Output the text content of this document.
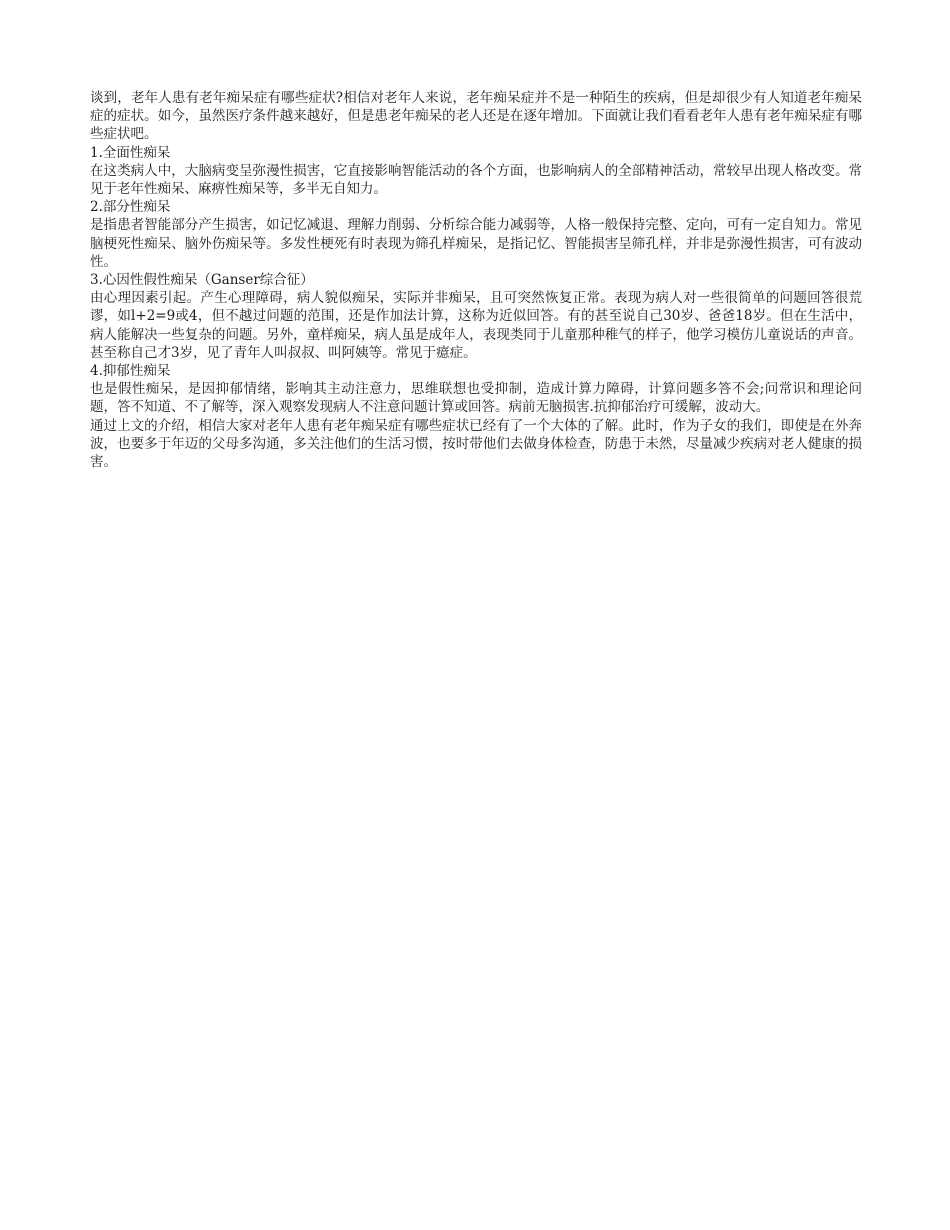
谈到，老年人患有老年痴呆症有哪些症状?相信对老年人来说，老年痴呆症并不是一种陌生的疾病，但是却很少有人知道老年痴呆症的症状。如今，虽然医疗条件越来越好，但是患老年痴呆的老人还是在逐年增加。下面就让我们看看老年人患有老年痴呆症有哪些症状吧。

1.全面性痴呆

在这类病人中，大脑病变呈弥漫性损害，它直接影响智能活动的各个方面，也影响病人的全部精神活动，常较早出现人格改变。常见于老年性痴呆、麻痹性痴呆等，多半无自知力。

2.部分性痴呆

是指患者智能部分产生损害，如记忆减退、理解力削弱、分析综合能力减弱等，人格一般保持完整、定向，可有一定自知力。常见脑梗死性痴呆、脑外伤痴呆等。多发性梗死有时表现为筛孔样痴呆，是指记忆、智能损害呈筛孔样，并非是弥漫性损害，可有波动性。

3.心因性假性痴呆（Ganser综合征）

由心理因素引起。产生心理障碍，病人貌似痴呆，实际并非痴呆，且可突然恢复正常。表现为病人对一些很简单的问题回答很荒谬，如l+2=9或4，但不越过问题的范围，还是作加法计算，这称为近似回答。有的甚至说自己30岁、爸爸18岁。但在生活中，病人能解决一些复杂的问题。另外，童样痴呆，病人虽是成年人，表现类同于儿童那种稚气的样子，他学习模仿儿童说话的声音。甚至称自己才3岁，见了青年人叫叔叔、叫阿姨等。常见于癔症。

4.抑郁性痴呆

也是假性痴呆，是因抑郁情绪，影响其主动注意力，思维联想也受抑制，造成计算力障碍，计算问题多答不会;问常识和理论问题，答不知道、不了解等，深入观察发现病人不注意问题计算或回答。病前无脑损害.抗抑郁治疗可缓解，波动大。

通过上文的介绍，相信大家对老年人患有老年痴呆症有哪些症状已经有了一个大体的了解。此时，作为子女的我们，即使是在外奔波，也要多于年迈的父母多沟通，多关注他们的生活习惯，按时带他们去做身体检查，防患于未然，尽量减少疾病对老人健康的损害。
